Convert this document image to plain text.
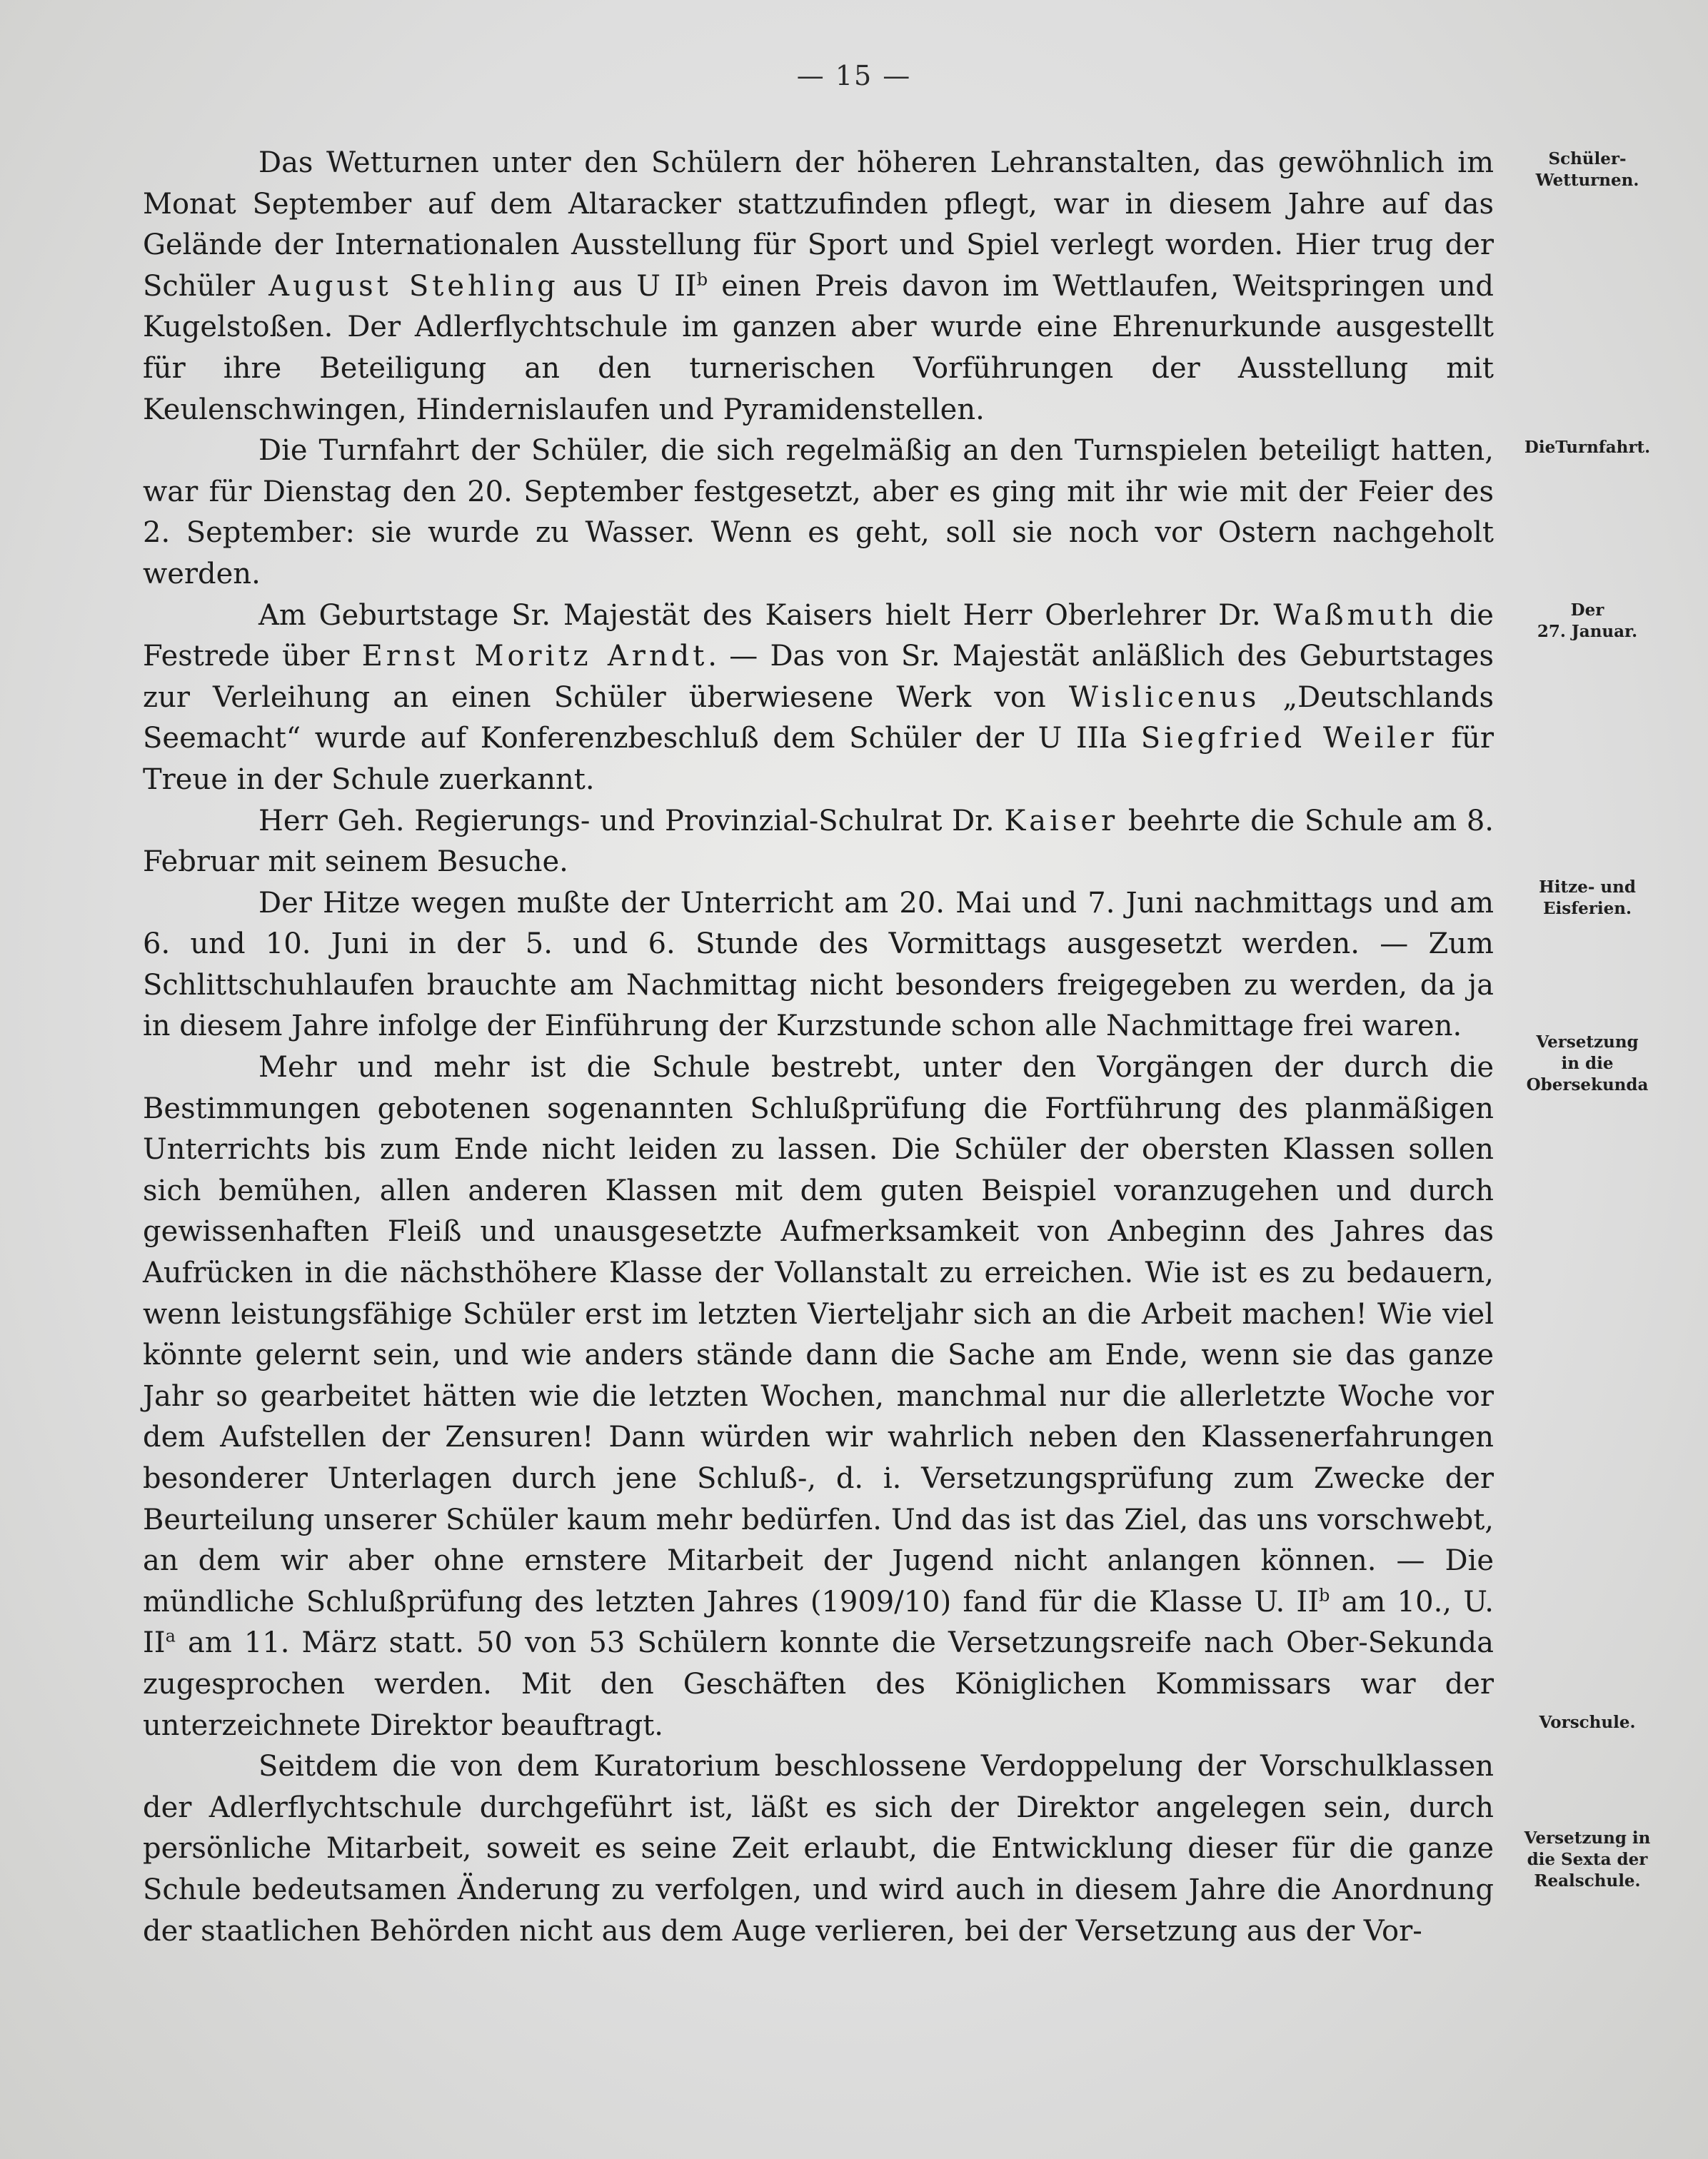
— 15 —

Das Wetturnen unter den Schülern der höheren Lehranstalten, das gewöhnlich im Monat September auf dem Altaracker stattzufinden pflegt, war in diesem Jahre auf das Gelände der Internationalen Ausstellung für Sport und Spiel verlegt worden. Hier trug der Schüler August Stehling aus U $II^b$ einen Preis davon im Wettlaufen, Weitspringen und Kugelstoßen. Der Adlerflychtschule im ganzen aber wurde eine Ehrenurkunde ausgestellt für ihre Beteiligung an den turnerischen Vorführungen der Ausstellung mit Keulenschwingen, Hindernislaufen und Pyramidenstellen.

Die Turnfahrt der Schüler, die sich regelmäßig an den Turnspielen beteiligt hatten, war für Dienstag den 20. September festgesetzt, aber es ging mit ihr wie mit der Feier des 2. September: sie wurde zu Wasser. Wenn es geht, soll sie noch vor Ostern nachgeholt werden.

Am Geburtstage Sr. Majestät des Kaisers hielt Herr Oberlehrer Dr. Waßmuth die Festrede über Ernst Moritz Arndt. — Das von Sr. Majestät anläßlich des Geburtstages zur Verleihung an einen Schüler überwiesene Werk von Wislicenus „Deutschlands Seemacht“ wurde auf Konferenzbeschluß dem Schüler der U IIIa Siegfried Weiler für Treue in der Schule zuerkannt.

Herr Geh. Regierungs- und Provinzial-Schulrat Dr. Kaiser beehrte die Schule am 8. Februar mit seinem Besuche.

Der Hitze wegen mußte der Unterricht am 20. Mai und 7. Juni nachmittags und am 6. und 10. Juni in der 5. und 6. Stunde des Vormittags ausgesetzt werden. — Zum Schlittschuhlaufen brauchte am Nachmittag nicht besonders freigegeben zu werden, da ja in diesem Jahre infolge der Einführung der Kurzstunde schon alle Nachmittage frei waren.

Mehr und mehr ist die Schule bestrebt, unter den Vorgängen der durch die Bestimmungen gebotenen sogenannten Schlußprüfung die Fortführung des planmäßigen Unterrichts bis zum Ende nicht leiden zu lassen. Die Schüler der obersten Klassen sollen sich bemühen, allen anderen Klassen mit dem guten Beispiel voranzugehen und durch gewissenhaften Fleiß und unausgesetzte Aufmerksamkeit von Anbeginn des Jahres das Aufrücken in die nächsthöhere Klasse der Vollanstalt zu erreichen. Wie ist es zu bedauern, wenn leistungsfähige Schüler erst im letzten Vierteljahr sich an die Arbeit machen! Wie viel könnte gelernt sein, und wie anders stände dann die Sache am Ende, wenn sie das ganze Jahr so gearbeitet hätten wie die letzten Wochen, manchmal nur die allerletzte Woche vor dem Aufstellen der Zensuren! Dann würden wir wahrlich neben den Klassenerfahrungen besonderer Unterlagen durch jene Schluß-, d. i. Versetzungsprüfung zum Zwecke der Beurteilung unserer Schüler kaum mehr bedürfen. Und das ist das Ziel, das uns vorschwebt, an dem wir aber ohne ernstere Mitarbeit der Jugend nicht anlangen können. — Die mündliche Schlußprüfung des letzten Jahres (1909/10) fand für die Klasse U. $II^b$ am 10., U. $II^a$ am 11. März statt. 50 von 53 Schülern konnte die Versetzungsreife nach Ober-Sekunda zugesprochen werden. Mit den Geschäften des Königlichen Kommissars war der unterzeichnete Direktor beauftragt.

Seitdem die von dem Kuratorium beschlossene Verdoppelung der Vorschulklassen der Adlerflychtschule durchgeführt ist, läßt es sich der Direktor angelegen sein, durch persönliche Mitarbeit, soweit es seine Zeit erlaubt, die Entwicklung dieser für die ganze Schule bedeutsamen Änderung zu verfolgen, und wird auch in diesem Jahre die Anordnung der staatlichen Behörden nicht aus dem Auge verlieren, bei der Versetzung aus der Vor-

Schüler-
Wetturnen.
DieTurnfahrt.
Der
27. Januar.
Hitze- und
Eisferien.
Versetzung
in die
Obersekunda
Vorschule.
Versetzung in
die Sexta der
Realschule.
